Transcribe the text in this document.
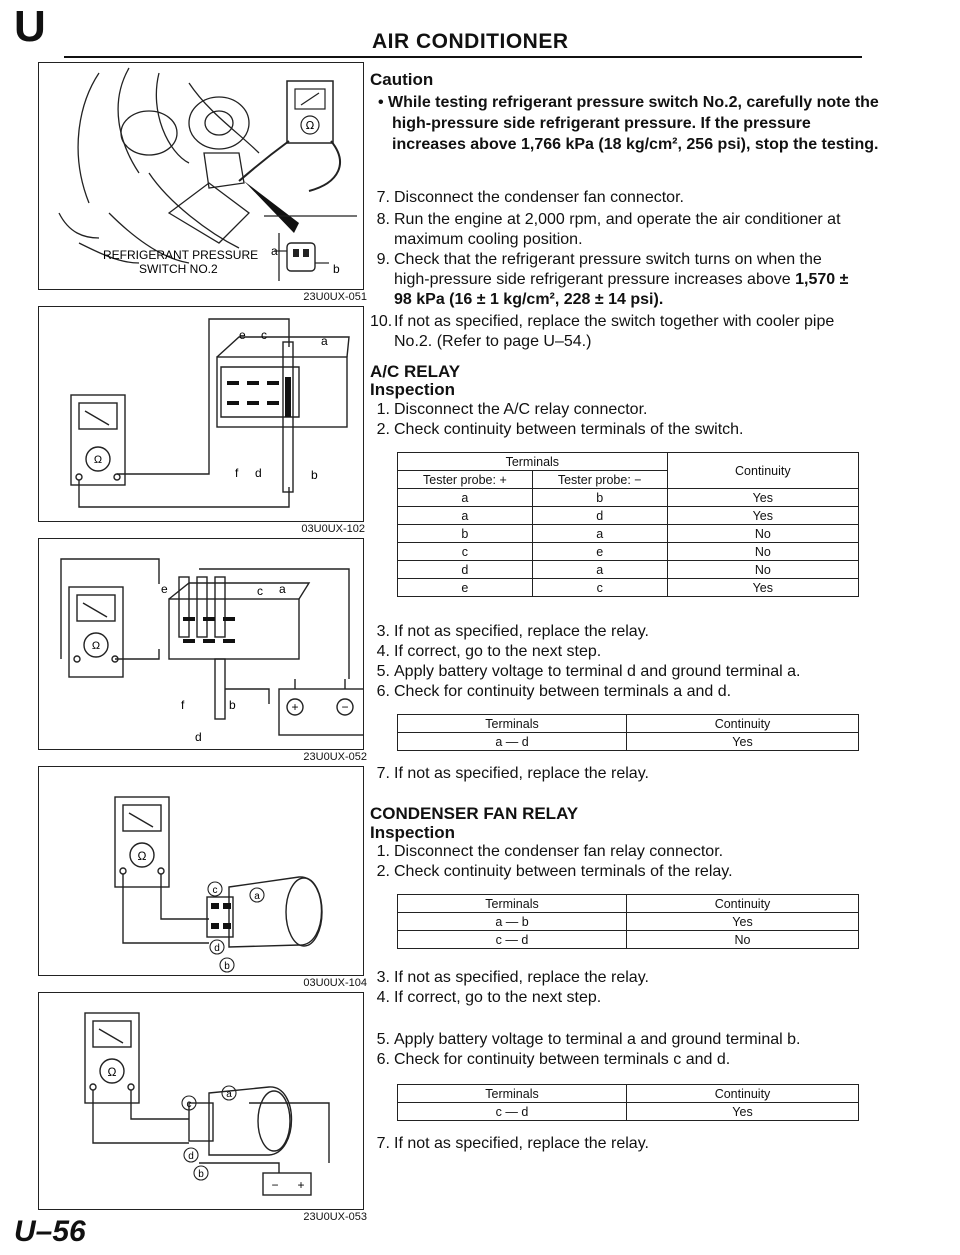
U	AIR CONDITIONER
Ω
a
b
REFRIGERANT PRESSURE
SWITCH NO.2
23U0UX-051
Ω
e c	a
f d	b
03U0UX-102
Ω
+	−
e	c a
f	b
d
23U0UX-052
Ω
c
a
d
b
03U0UX-104
Ω
− +
c
a
d
b
23U0UX-053
Caution
• While testing refrigerant pressure switch No.2, carefully note the high-pressure side refrigerant pressure. If the pressure increases above 1,766 kPa (18 kg/cm², 256 psi), stop the testing.
7. Disconnect the condenser fan connector.
8. Run the engine at 2,000 rpm, and operate the air conditioner at maximum cooling position.
9. Check that the refrigerant pressure switch turns on when the high-pressure side refrigerant pressure increases above 1,570 ± 98 kPa (16 ± 1 kg/cm², 228 ± 14 psi).
10. If not as specified, replace the switch together with cooler pipe No.2. (Refer to page U–54.)
A/C RELAY
Inspection
1. Disconnect the A/C relay connector.
2. Check continuity between terminals of the switch.
Terminals		Continuity
Tester probe: +	Tester probe: −	
a	b	Yes
a	d	Yes
b	a	No
c	e	No
d	a	No
e	c	Yes
3. If not as specified, replace the relay.
4. If correct, go to the next step.
5. Apply battery voltage to terminal d and ground terminal a.
6. Check for continuity between terminals a and d.
Terminals	Continuity
a — d	Yes
7. If not as specified, replace the relay.
CONDENSER FAN RELAY
Inspection
1. Disconnect the condenser fan relay connector.
2. Check continuity between terminals of the relay.
Terminals	Continuity
a — b	Yes
c — d	No
3. If not as specified, replace the relay.
4. If correct, go to the next step.
5. Apply battery voltage to terminal a and ground terminal b.
6. Check for continuity between terminals c and d.
Terminals	Continuity
c — d	Yes
7. If not as specified, replace the relay.
U–56
